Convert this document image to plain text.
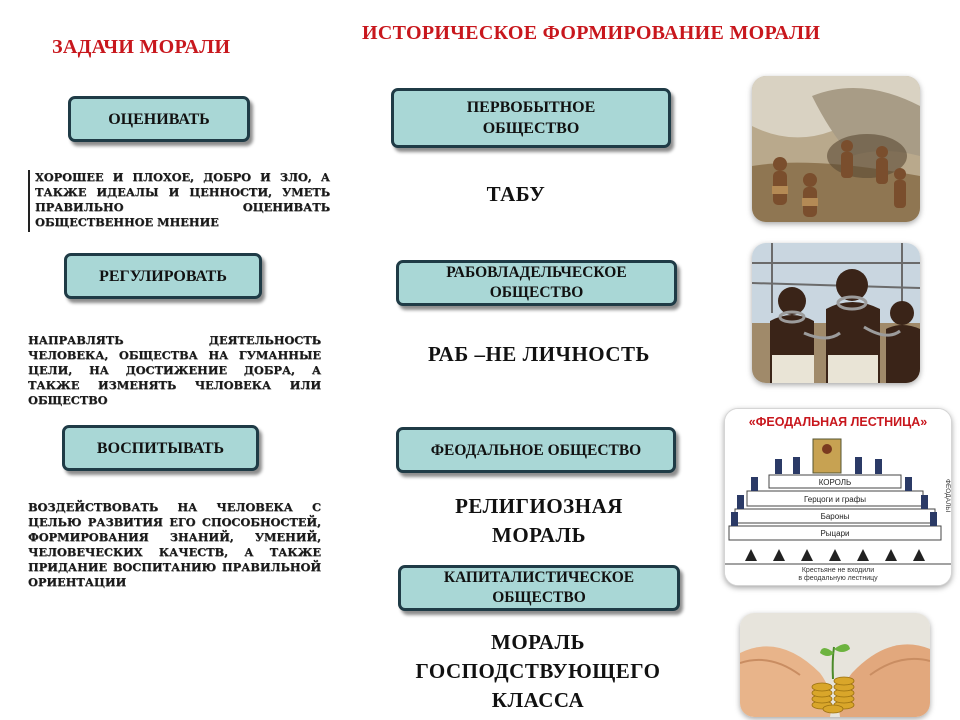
ЗАДАЧИ МОРАЛИ
ИСТОРИЧЕСКОЕ ФОРМИРОВАНИЕ МОРАЛИ
ОЦЕНИВАТЬ
ХОРОШЕЕ И ПЛОХОЕ, ДОБРО И ЗЛО, А ТАКЖЕ ИДЕАЛЫ И ЦЕННОСТИ, УМЕТЬ ПРАВИЛЬНО ОЦЕНИВАТЬ ОБЩЕСТВЕННОЕ МНЕНИЕ
РЕГУЛИРОВАТЬ
НАПРАВЛЯТЬ ДЕЯТЕЛЬНОСТЬ ЧЕЛОВЕКА, ОБЩЕСТВА НА ГУМАННЫЕ ЦЕЛИ, НА ДОСТИЖЕНИЕ ДОБРА, А ТАКЖЕ ИЗМЕНЯТЬ ЧЕЛОВЕКА ИЛИ ОБЩЕСТВО
ВОСПИТЫВАТЬ
ВОЗДЕЙСТВОВАТЬ НА ЧЕЛОВЕКА С ЦЕЛЬЮ РАЗВИТИЯ ЕГО СПОСОБНОСТЕЙ, ФОРМИРОВАНИЯ ЗНАНИЙ, УМЕНИЙ, ЧЕЛОВЕЧЕСКИХ КАЧЕСТВ, А ТАКЖЕ ПРИДАНИЕ ВОСПИТАНИЮ ПРАВИЛЬНОЙ ОРИЕНТАЦИИ
ПЕРВОБЫТНОЕ
ОБЩЕСТВО
ТАБУ
РАБОВЛАДЕЛЬЧЕСКОЕ
ОБЩЕСТВО
РАБ –НЕ ЛИЧНОСТЬ
ФЕОДАЛЬНОЕ ОБЩЕСТВО
РЕЛИГИОЗНАЯ
МОРАЛЬ
КАПИТАЛИСТИЧЕСКОЕ
ОБЩЕСТВО
МОРАЛЬ
ГОСПОДСТВУЮЩЕГО
КЛАССА
«ФЕОДАЛЬНАЯ ЛЕСТНИЦА»
КОРОЛЬ
Герцоги и графы
Бароны
Рыцари
Крестьяне не входили
в феодальную лестницу
ФЕОДАЛЫ
